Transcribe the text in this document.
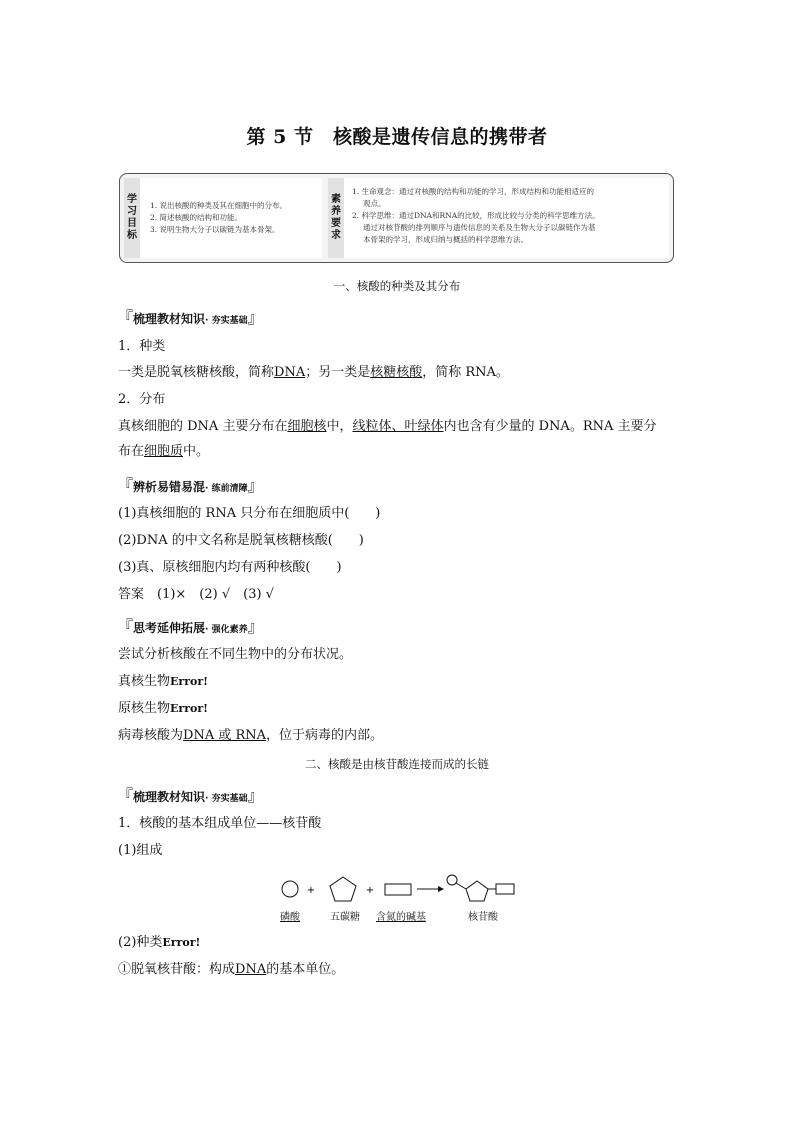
第 5 节　核酸是遗传信息的携带者
学习目标
1. 说出核酸的种类及其在细胞中的分布。
2. 简述核酸的结构和功能。
3. 说明生物大分子以碳链为基本骨架。
素养要求
1. 生命观念：通过对核酸的结构和功能的学习，形成结构和功能相适应的
观点。
2. 科学思维：通过DNA和RNA的比较，形成比较与分类的科学思维方法。
通过对核苷酸的排列顺序与遗传信息的关系及生物大分子以碳链作为基
本骨架的学习，形成归纳与概括的科学思维方法。
一、核酸的种类及其分布
『梳理教材知识· 夯实基础』
1．种类
一类是脱氧核糖核酸，简称DNA；另一类是核糖核酸，简称 RNA。
2．分布
真核细胞的 DNA 主要分布在细胞核中，线粒体、叶绿体内也含有少量的 DNA。RNA 主要分
布在细胞质中。
『辨析易错易混· 练前清障』
(1)真核细胞的 RNA 只分布在细胞质中(　　)
(2)DNA 的中文名称是脱氧核糖核酸(　　)
(3)真、原核细胞内均有两种核酸(　　)
答案　(1)×　(2) √　(3) √
『思考延伸拓展· 强化素养』
尝试分析核酸在不同生物中的分布状况。
真核生物Error!
原核生物Error!
病毒核酸为DNA 或 RNA，位于病毒的内部。
二、核酸是由核苷酸连接而成的长链
『梳理教材知识· 夯实基础』
1．核酸的基本组成单位——核苷酸
(1)组成
+	+
磷酸	五碳糖	含氮的碱基	核苷酸
(2)种类Error!
①脱氧核苷酸：构成DNA的基本单位。
